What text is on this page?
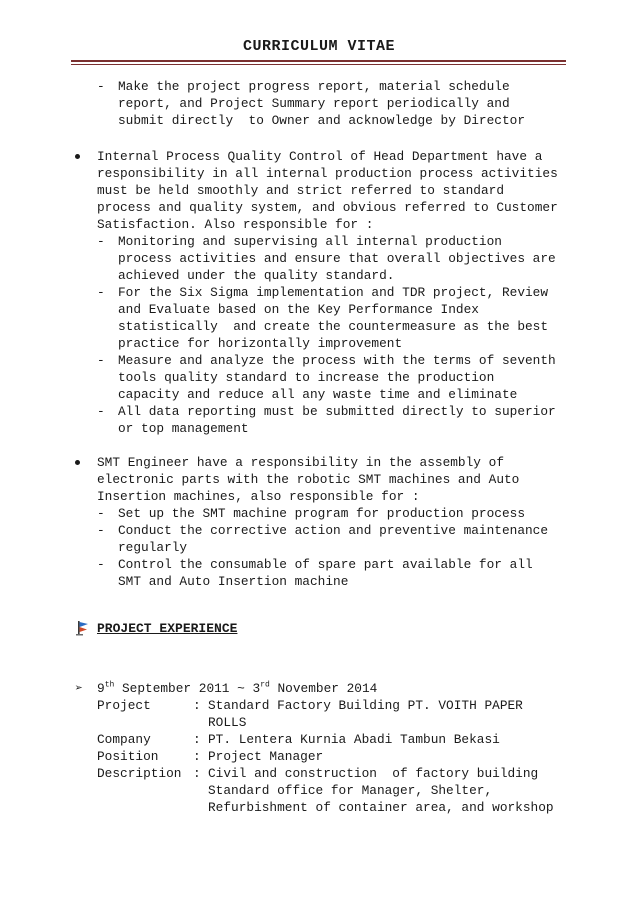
CURRICULUM VITAE
- Make the project progress report, material schedule
report, and Project Summary report periodically and
submit directly  to Owner and acknowledge by Director
Internal Process Quality Control of Head Department have a
responsibility in all internal production process activities
must be held smoothly and strict referred to standard
process and quality system, and obvious referred to Customer
Satisfaction. Also responsible for :
- Monitoring and supervising all internal production
process activities and ensure that overall objectives are
achieved under the quality standard.
- For the Six Sigma implementation and TDR project, Review
and Evaluate based on the Key Performance Index
statistically  and create the countermeasure as the best
practice for horizontally improvement
- Measure and analyze the process with the terms of seventh
tools quality standard to increase the production
capacity and reduce all any waste time and eliminate
- All data reporting must be submitted directly to superior
or top management
SMT Engineer have a responsibility in the assembly of
electronic parts with the robotic SMT machines and Auto
Insertion machines, also responsible for :
- Set up the SMT machine program for production process
- Conduct the corrective action and preventive maintenance
regularly
- Control the consumable of spare part available for all
SMT and Auto Insertion machine
PROJECT EXPERIENCE
➢ 9th September 2011 ~ 3rd November 2014
Project	: Standard Factory Building PT. VOITH PAPER
ROLLS
Company	: PT. Lentera Kurnia Abadi Tambun Bekasi
Position	: Project Manager
Description : Civil and construction  of factory building
Standard office for Manager, Shelter,
Refurbishment of container area, and workshop
